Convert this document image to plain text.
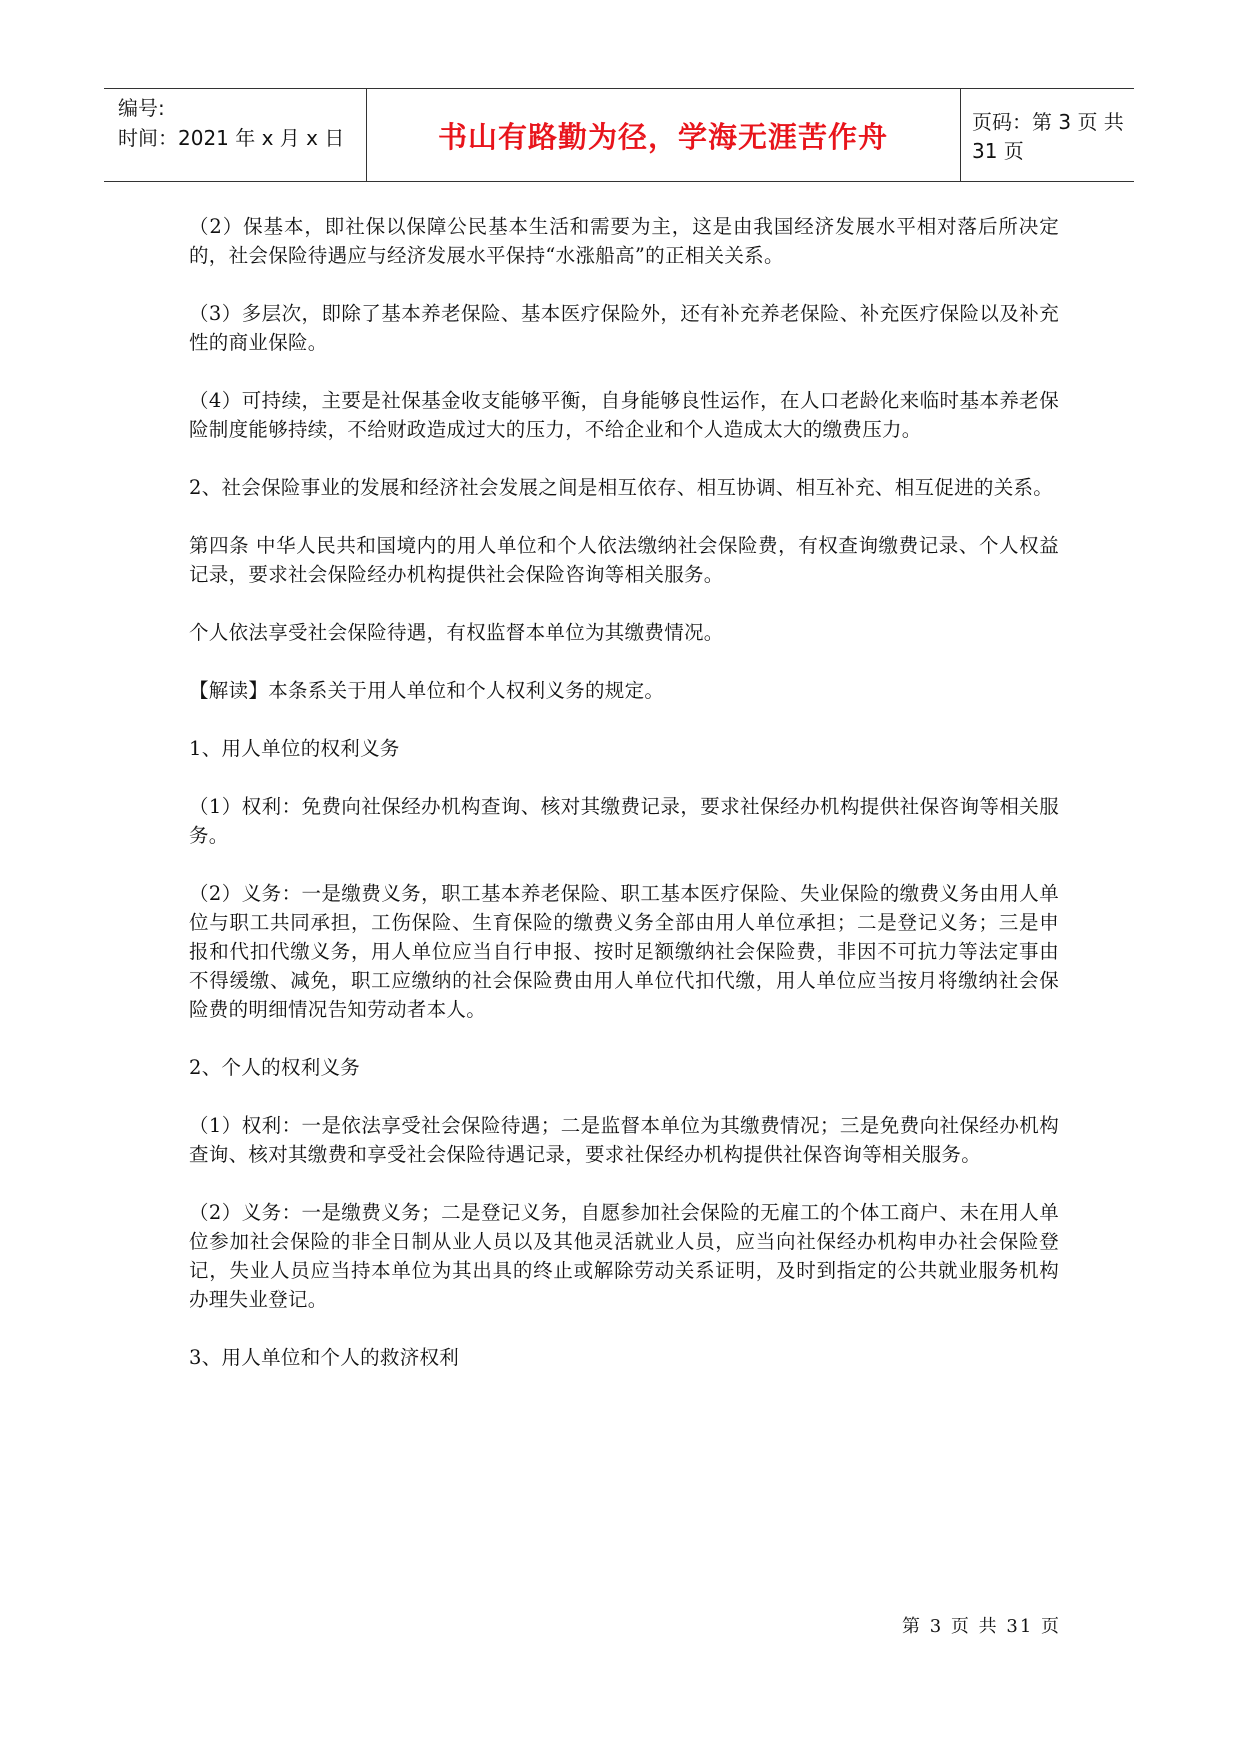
编号:
时间：2021 年 x 月 x 日	书山有路勤为径，学海无涯苦作舟	页码：第 3 页 共 31 页

（2）保基本，即社保以保障公民基本生活和需要为主，这是由我国经济发展水平相对落后所决定的，社会保险待遇应与经济发展水平保持“水涨船高”的正相关关系。

（3）多层次，即除了基本养老保险、基本医疗保险外，还有补充养老保险、补充医疗保险以及补充性的商业保险。

（4）可持续，主要是社保基金收支能够平衡，自身能够良性运作，在人口老龄化来临时基本养老保险制度能够持续，不给财政造成过大的压力，不给企业和个人造成太大的缴费压力。

2、社会保险事业的发展和经济社会发展之间是相互依存、相互协调、相互补充、相互促进的关系。

第四条 中华人民共和国境内的用人单位和个人依法缴纳社会保险费，有权查询缴费记录、个人权益记录，要求社会保险经办机构提供社会保险咨询等相关服务。

个人依法享受社会保险待遇，有权监督本单位为其缴费情况。

【解读】本条系关于用人单位和个人权利义务的规定。

1、用人单位的权利义务

（1）权利：免费向社保经办机构查询、核对其缴费记录，要求社保经办机构提供社保咨询等相关服务。

（2）义务：一是缴费义务，职工基本养老保险、职工基本医疗保险、失业保险的缴费义务由用人单位与职工共同承担，工伤保险、生育保险的缴费义务全部由用人单位承担；二是登记义务；三是申报和代扣代缴义务，用人单位应当自行申报、按时足额缴纳社会保险费，非因不可抗力等法定事由不得缓缴、减免，职工应缴纳的社会保险费由用人单位代扣代缴，用人单位应当按月将缴纳社会保险费的明细情况告知劳动者本人。

2、个人的权利义务

（1）权利：一是依法享受社会保险待遇；二是监督本单位为其缴费情况；三是免费向社保经办机构查询、核对其缴费和享受社会保险待遇记录，要求社保经办机构提供社保咨询等相关服务。

（2）义务：一是缴费义务；二是登记义务，自愿参加社会保险的无雇工的个体工商户、未在用人单位参加社会保险的非全日制从业人员以及其他灵活就业人员，应当向社保经办机构申办社会保险登记，失业人员应当持本单位为其出具的终止或解除劳动关系证明，及时到指定的公共就业服务机构办理失业登记。

3、用人单位和个人的救济权利

第 3 页 共 31 页
